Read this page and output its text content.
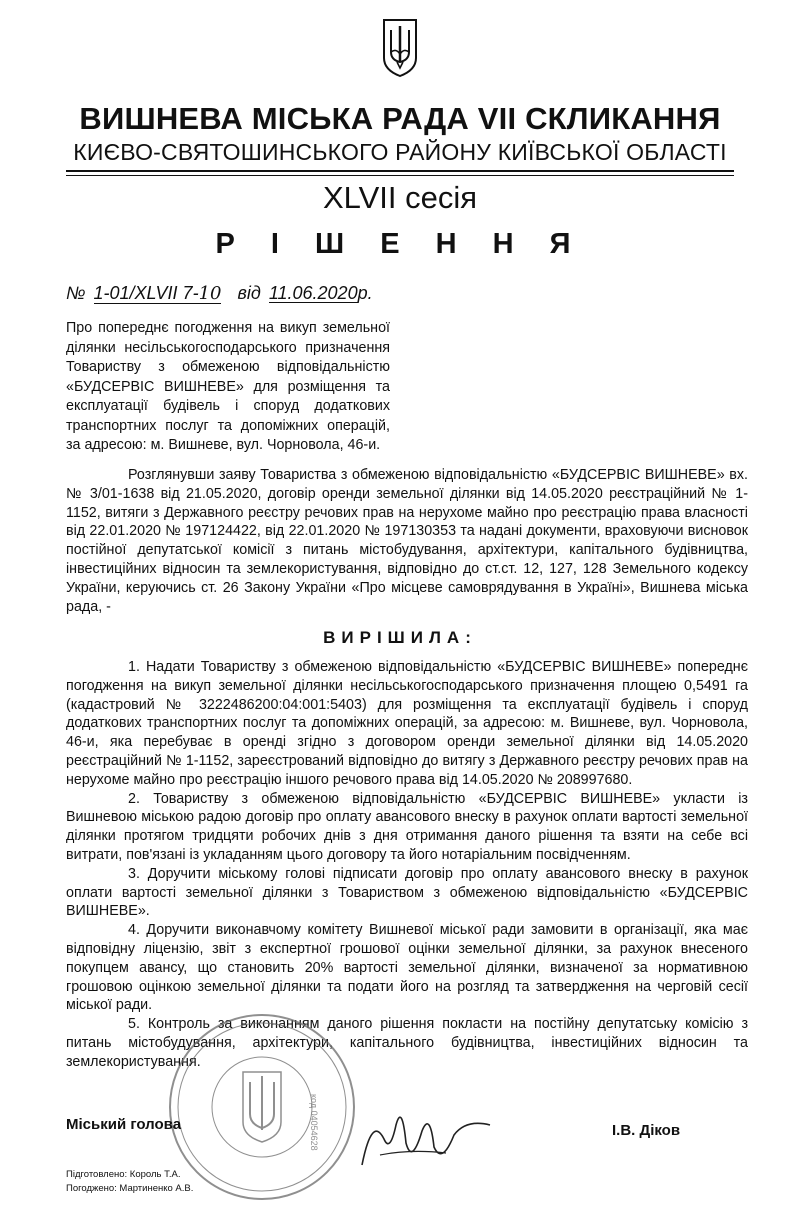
ВИШНЕВА МІСЬКА РАДА VII СКЛИКАННЯ
КИЄВО-СВЯТОШИНСЬКОГО РАЙОНУ КИЇВСЬКОЇ ОБЛАСТІ
XLVII сесія
Р І Ш Е Н Н Я
№ 1-01/XLVII 7-10 від 11.06.2020р.
Про попереднє погодження на викуп земельної
ділянки несільськогосподарського призначення
Товариству з обмеженою відповідальністю
«БУДСЕРВІС ВИШНЕВЕ» для розміщення та
експлуатації будівель і споруд додаткових
транспортних послуг та допоміжних операцій,
за адресою: м. Вишневе, вул. Чорновола, 46-и.

Розглянувши заяву Товариства з обмеженою відповідальністю «БУДСЕРВІС ВИШНЕВЕ» вх.№ 3/01-1638 від 21.05.2020, договір оренди земельної ділянки від 14.05.2020 реєстраційний № 1-1152, витяги з Державного реєстру речових прав на нерухоме майно про реєстрацію права власності від 22.01.2020 № 197124422, від 22.01.2020 № 197130353 та надані документи, враховуючи висновок постійної депутатської комісії з питань містобудування, архітектури, капітального будівництва, інвестиційних відносин та землекористування, відповідно до ст.ст. 12, 127, 128 Земельного кодексу України, керуючись ст. 26 Закону України «Про місцеве самоврядування в Україні», Вишнева міська рада, -

ВИРІШИЛА:

1. Надати Товариству з обмеженою відповідальністю «БУДСЕРВІС ВИШНЕВЕ» попереднє погодження на викуп земельної ділянки несільськогосподарського призначення площею 0,5491 га (кадастровий № 3222486200:04:001:5403) для розміщення та експлуатації будівель і споруд додаткових транспортних послуг та допоміжних операцій, за адресою: м. Вишневе, вул. Чорновола, 46-и, яка перебуває в оренді згідно з договором оренди земельної ділянки від 14.05.2020 реєстраційний № 1-1152, зареєстрований відповідно до витягу з Державного реєстру речових прав на нерухоме майно про реєстрацію іншого речового права від 14.05.2020 № 208997680.

2. Товариству з обмеженою відповідальністю «БУДСЕРВІС ВИШНЕВЕ» укласти із Вишневою міською радою договір про оплату авансового внеску в рахунок оплати вартості земельної ділянки протягом тридцяти робочих днів з дня отримання даного рішення та взяти на себе всі витрати, пов'язані із укладанням цього договору та його нотаріальним посвідченням.

3. Доручити міському голові підписати договір про оплату авансового внеску в рахунок оплати вартості земельної ділянки з Товариством з обмеженою відповідальністю «БУДСЕРВІС ВИШНЕВЕ».

4. Доручити виконавчому комітету Вишневої міської ради замовити в організації, яка має відповідну ліцензію, звіт з експертної грошової оцінки земельної ділянки, за рахунок внесеного покупцем авансу, що становить 20% вартості земельної ділянки, визначеної за нормативною грошовою оцінкою земельної ділянки та подати його на розгляд та затвердження на черговій сесії міської ради.

5. Контроль за виконанням даного рішення покласти на постійну депутатську комісію з питань містобудування, архітектури, капітального будівництва, інвестиційних відносин та землекористування.

код 04054628
Міський голова	І.В. Діков
Підготовлено: Король Т.А.
Погоджено: Мартиненко А.В.
